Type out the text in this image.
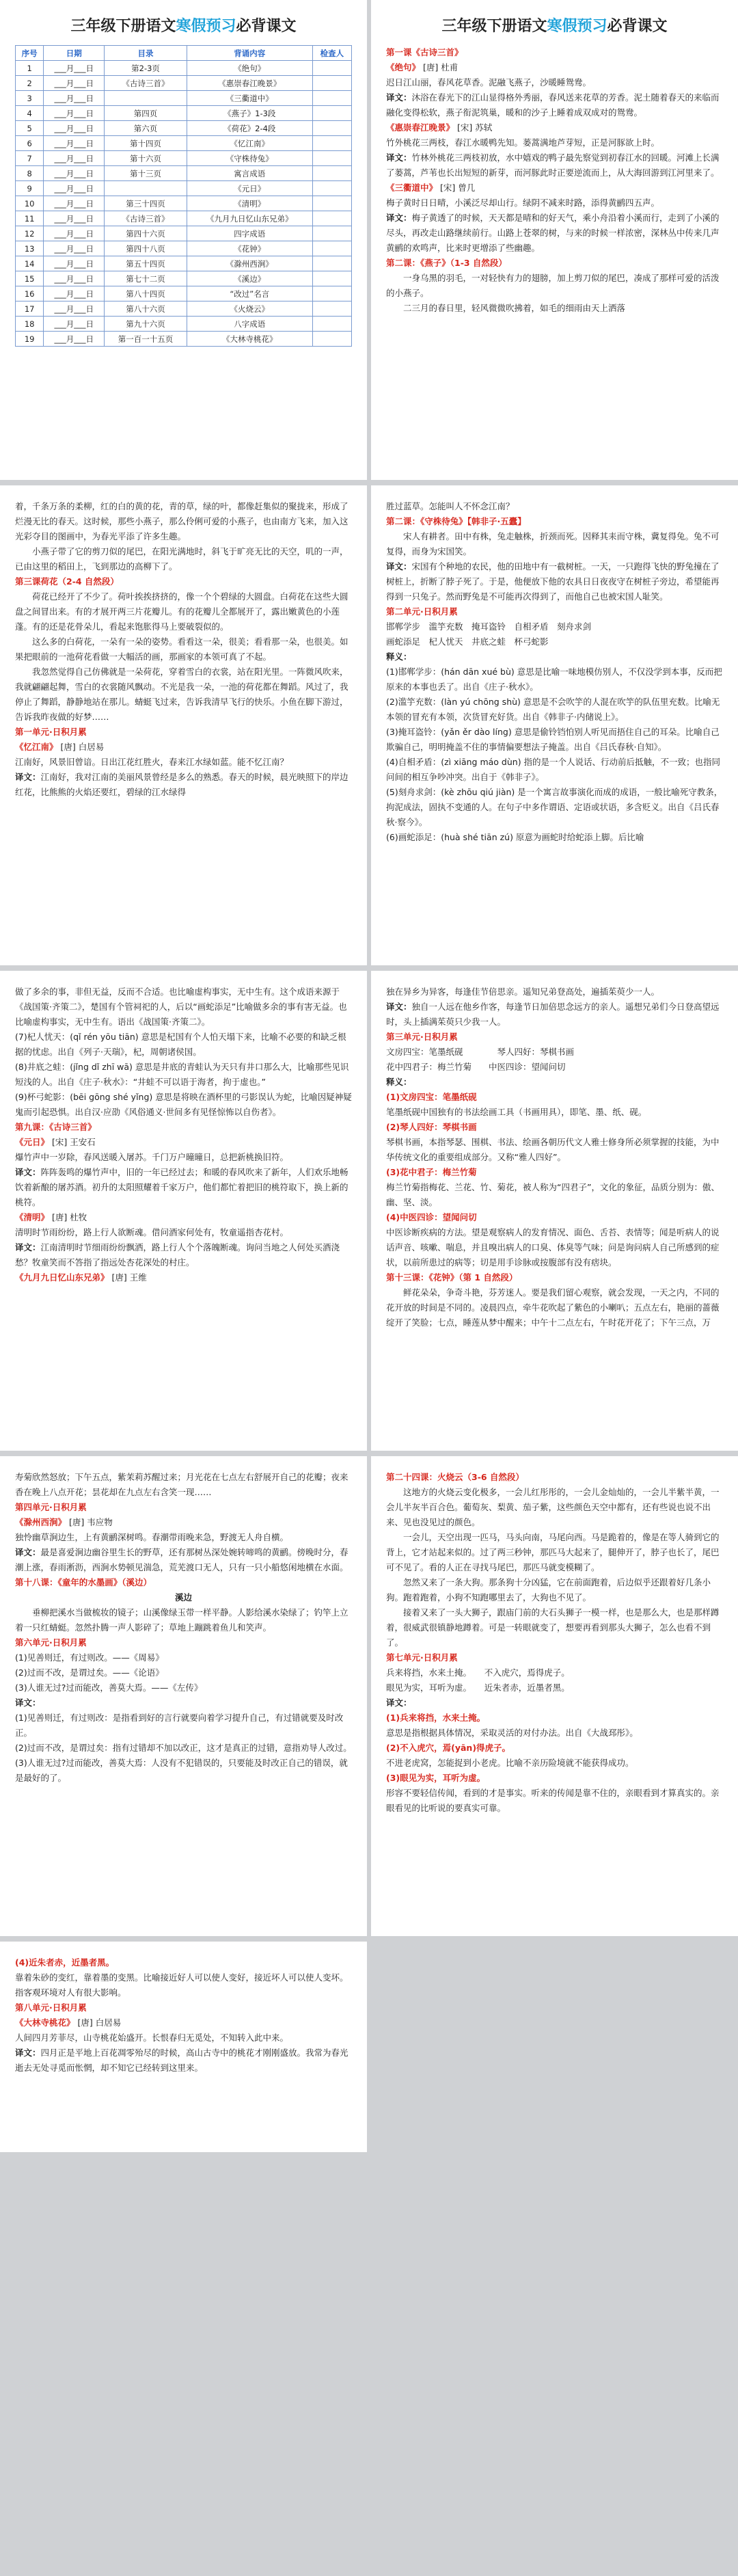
三年级下册语文寒假预习必背课文
序号	日期	目录	背诵内容	检查人
1	___月___日	第2-3页	《绝句》	
2	___月___日	《古诗三首》	《惠崇春江晚景》	
3	___月___日		《三衢道中》	
4	___月___日	第四页	《燕子》1-3段	
5	___月___日	第六页	《荷花》2-4段	
6	___月___日	第十四页	《忆江南》	
7	___月___日	第十六页	《守株待兔》	
8	___月___日	第十三页	寓言成语	
9	___月___日		《元日》	
10	___月___日	第三十四页	《清明》	
11	___月___日	《古诗三首》	《九月九日忆山东兄弟》	
12	___月___日	第四十六页	四字成语	
13	___月___日	第四十八页	《花钟》	
14	___月___日	第五十四页	《滁州西涧》	
15	___月___日	第七十二页	《溪边》	
16	___月___日	第八十四页	“改过”名言	
17	___月___日	第八十六页	《火烧云》	
18	___月___日	第九十六页	八字成语	
19	___月___日	第一百一十五页	《大林寺桃花》	
三年级下册语文寒假预习必背课文

第一课《古诗三首》

《绝句》 [唐] 杜甫

迟日江山丽，春风花草香。泥融飞燕子，沙暖睡鸳鸯。

译文：沐浴在春光下的江山显得格外秀丽，春风送来花草的芳香。泥土随着春天的来临而融化变得松软，燕子衔泥筑巢，暖和的沙子上睡着成双成对的鸳鸯。

《惠崇春江晚景》 [宋] 苏轼

竹外桃花三两枝，春江水暖鸭先知。蒌蒿满地芦芽短，正是河豚欲上时。

译文：竹林外桃花三两枝初放，水中嬉戏的鸭子最先察觉到初春江水的回暖。河滩上长满了蒌蒿，芦苇也长出短短的新芽，而河豚此时正要逆流而上，从大海回游到江河里来了。

《三衢道中》 [宋] 曾几

梅子黄时日日晴，小溪泛尽却山行。绿阴不减来时路，添得黄鹂四五声。

译文：梅子黄透了的时候，天天都是晴和的好天气，乘小舟沿着小溪而行，走到了小溪的尽头，再改走山路继续前行。山路上苍翠的树，与来的时候一样浓密，深林丛中传来几声黄鹂的欢鸣声，比来时更增添了些幽趣。

第二课：《燕子》（1-3 自然段）

一身乌黑的羽毛，一对轻快有力的翅膀，加上剪刀似的尾巴，凑成了那样可爱的活泼的小燕子。

二三月的春日里，轻风微微吹拂着，如毛的细雨由天上洒落

着，千条万条的柔柳，红的白的黄的花，青的草，绿的叶，都像赶集似的聚拢来，形成了烂漫无比的春天。这时候，那些小燕子，那么伶俐可爱的小燕子，也由南方飞来，加入这光彩夺目的图画中，为春光平添了许多生趣。

小燕子带了它的剪刀似的尾巴，在阳光满地时，斜飞于旷亮无比的天空，叽的一声，已由这里的稻田上，飞到那边的高柳下了。

第三课荷花（2-4 自然段）

荷花已经开了不少了。荷叶挨挨挤挤的，像一个个碧绿的大圆盘。白荷花在这些大圆盘之间冒出来。有的才展开两三片花瓣儿。有的花瓣儿全都展开了，露出嫩黄色的小莲蓬。有的还是花骨朵儿，看起来饱胀得马上要破裂似的。

这么多的白荷花，一朵有一朵的姿势。看看这一朵，很美；看看那一朵，也很美。如果把眼前的一池荷花看做一大幅活的画，那画家的本领可真了不起。

我忽然觉得自己仿佛就是一朵荷花，穿着雪白的衣裳，站在阳光里。一阵微风吹来，我就翩翩起舞，雪白的衣裳随风飘动。不光是我一朵，一池的荷花都在舞蹈。风过了，我停止了舞蹈，静静地站在那儿。蜻蜓飞过来，告诉我清早飞行的快乐。小鱼在脚下游过，告诉我昨夜做的好梦……

第一单元·日积月累

《忆江南》 [唐] 白居易

江南好，风景旧曾谙。日出江花红胜火，春来江水绿如蓝。能不忆江南？

译文：江南好，我对江南的美丽风景曾经是多么的熟悉。春天的时候，晨光映照下的岸边红花，比熊熊的火焰还要红，碧绿的江水绿得

胜过蓝草。怎能叫人不怀念江南？

第二课：《守株待兔》【韩非子·五蠹】

宋人有耕者。田中有株，兔走触株，折颈而死。因释其耒而守株，冀复得兔。兔不可复得，而身为宋国笑。

译文：宋国有个种地的农民，他的田地中有一截树桩。一天，一只跑得飞快的野兔撞在了树桩上，折断了脖子死了。于是，他便放下他的农具日日夜夜守在树桩子旁边，希望能再得到一只兔子。然而野兔是不可能再次得到了，而他自己也被宋国人耻笑。

第二单元·日积月累

邯郸学步　滥竽充数　掩耳盗铃　自相矛盾　刻舟求剑

画蛇添足　杞人忧天　井底之蛙　杯弓蛇影

释义：

(1)邯郸学步：(hán dān xué bù) 意思是比喻一味地模仿别人，不仅没学到本事，反而把原来的本事也丢了。出自《庄子·秋水》。

(2)滥竽充数：(làn yú chōng shù) 意思是不会吹竽的人混在吹竽的队伍里充数。比喻无本领的冒充有本领，次货冒充好货。出自《韩非子·内储说上》。

(3)掩耳盗铃：(yǎn ěr dào líng) 意思是偷铃铛怕别人听见而捂住自己的耳朵。比喻自己欺骗自己，明明掩盖不住的事情偏要想法子掩盖。出自《吕氏春秋·自知》。

(4)自相矛盾：(zì xiāng máo dùn) 指的是一个人说话、行动前后抵触，不一致；也指同问间的相互争吵冲突。出自于《韩非子》。

(5)刻舟求剑：(kè zhōu qiú jiàn) 是一个寓言故事演化而成的成语，一般比喻死守教条，拘泥成法，固执不变通的人。在句子中多作谓语、定语或状语，多含贬义。出自《吕氏春秋·察今》。

(6)画蛇添足：(huà shé tiān zú) 原意为画蛇时给蛇添上脚。后比喻

做了多余的事，非但无益，反而不合适。也比喻虚构事实，无中生有。这个成语来源于《战国策·齐策二》，楚国有个管祠祀的人，后以“画蛇添足”比喻做多余的事有害无益。也比喻虚构事实，无中生有。语出《战国策·齐策二》。

(7)杞人忧天：(qǐ rén yōu tiān) 意思是杞国有个人怕天塌下来，比喻不必要的和缺乏根据的忧虑。出自《列子·天瑞》，杞，周朝诸侯国。

(8)井底之蛙：(jǐng dǐ zhī wā) 意思是井底的青蛙认为天只有井口那么大，比喻那些见识短浅的人。出自《庄子·秋水》：“井蛙不可以语于海者，拘于虚也。”

(9)杯弓蛇影：(bēi gōng shé yǐng) 意思是将映在酒杯里的弓影误认为蛇，比喻因疑神疑鬼而引起恐惧。出自汉·应劭《风俗通义·世间多有见怪惊怖以自伤者》。

第九课：《古诗三首》

《元日》 [宋] 王安石

爆竹声中一岁除，春风送暖入屠苏。千门万户曈曈日，总把新桃换旧符。

译文：阵阵轰鸣的爆竹声中，旧的一年已经过去；和暖的春风吹来了新年，人们欢乐地畅饮着新酿的屠苏酒。初升的太阳照耀着千家万户，他们都忙着把旧的桃符取下，换上新的桃符。

《清明》 [唐] 杜牧

清明时节雨纷纷，路上行人欲断魂。借问酒家何处有，牧童遥指杏花村。

译文：江南清明时节细雨纷纷飘洒，路上行人个个落魄断魂。询问当地之人何处买酒浇愁？牧童笑而不答指了指远处杏花深处的村庄。

《九月九日忆山东兄弟》 [唐] 王维

独在异乡为异客，每逢佳节倍思亲。遥知兄弟登高处，遍插茱萸少一人。

译文：独自一人远在他乡作客，每逢节日加倍思念远方的亲人。遥想兄弟们今日登高望远时，头上插满茱萸只少我一人。

第三单元·日积月累

文房四宝：笔墨纸砚　　　　琴人四好：琴棋书画

花中四君子：梅兰竹菊　　中医四诊：望闻问切

释义：

(1)文房四宝：笔墨纸砚

笔墨纸砚中国独有的书法绘画工具（书画用具），即笔、墨、纸、砚。

(2)琴人四好：琴棋书画

琴棋书画，本指琴瑟、围棋、书法、绘画各朝历代文人雅士修身所必须掌握的技能，为中华传统文化的重要组成部分。又称“雅人四好”。

(3)花中君子：梅兰竹菊

梅兰竹菊指梅花、兰花、竹、菊花，被人称为“四君子”，文化的象征，品质分别为：傲、幽、坚、淡。

(4)中医四诊：望闻问切

中医诊断疾病的方法。望是观察病人的发育情况、面色、舌苔、表情等；闻是听病人的说话声音、咳嗽、喘息，并且嗅出病人的口臭、体臭等气味；问是询问病人自己所感到的症状，以前所患过的病等；切是用手诊脉或按腹部有没有痞块。

第十三课：《花钟》（第 1 自然段）

鲜花朵朵，争奇斗艳，芬芳迷人。要是我们留心观察，就会发现，一天之内，不同的花开放的时间是不同的。凌晨四点，牵牛花吹起了紫色的小喇叭；五点左右，艳丽的蔷薇绽开了笑脸；七点，睡莲从梦中醒来；中午十二点左右，午时花开花了；下午三点，万

寿菊欣然怒放；下午五点，紫茉莉苏醒过来；月光花在七点左右舒展开自己的花瓣；夜来香在晚上八点开花；昙花却在九点左右含笑一现……

第四单元·日积月累

《滁州西涧》 [唐] 韦应物

独怜幽草涧边生，上有黄鹂深树鸣。春潮带雨晚来急，野渡无人舟自横。

译文：最是喜爱涧边幽谷里生长的野草，还有那树丛深处婉转啼鸣的黄鹂。傍晚时分，春潮上涨，春雨淅沥，西涧水势顿见湍急，荒芜渡口无人，只有一只小船悠闲地横在水面。

第十八课：《童年的水墨画》（溪边）

溪边

垂柳把溪水当做梳妆的镜子；山溪像绿玉带一样平静。人影给溪水染绿了；钓竿上立着一只红蜻蜓。忽然扑腾一声人影碎了；草地上蹦跳着鱼儿和笑声。

第六单元·日积月累

(1)见善则迁，有过则改。——《周易》

(2)过而不改，是谓过矣。——《论语》

(3)人谁无过?过而能改，善莫大焉。——《左传》

译文：

(1)见善则迁，有过则改：是指看到好的言行就要向着学习提升自己，有过错就要及时改正。

(2)过而不改，是谓过矣：指有过错却不加以改正，这才是真正的过错，意指劝导人改过。

(3)人谁无过?过而能改，善莫大焉：人没有不犯错误的，只要能及时改正自己的错误，就是最好的了。

第二十四课：火烧云（3-6 自然段）

这地方的火烧云变化极多，一会儿红彤彤的，一会儿金灿灿的，一会儿半紫半黄，一会儿半灰半百合色。葡萄灰、梨黄、茄子紫，这些颜色天空中都有，还有些说也说不出来、见也没见过的颜色。

一会儿，天空出现一匹马，马头向南，马尾向西。马是跪着的，像是在等人骑到它的背上，它才站起来似的。过了两三秒钟，那匹马大起来了，腿伸开了，脖子也长了，尾巴可不见了。看的人正在寻找马尾巴，那匹马就变模糊了。

忽然又来了一条大狗。那条狗十分凶猛，它在前面跑着，后边似乎还跟着好几条小狗。跑着跑着，小狗不知跑哪里去了，大狗也不见了。

接着又来了一头大狮子，跟庙门前的大石头狮子一模一样，也是那么大，也是那样蹲着，很威武很镇静地蹲着。可是一转眼就变了，想要再看到那头大狮子，怎么也看不到了。

第七单元·日积月累

兵来将挡，水来土掩。　　不入虎穴，焉得虎子。

眼见为实，耳听为虚。　　近朱者赤，近墨者黑。

译文：

(1)兵来将挡，水来土掩。

意思是指根据具体情况，采取灵活的对付办法。出自《大战邳彤》。

(2)不入虎穴，焉(yān)得虎子。

不进老虎窝，怎能捉到小老虎。比喻不亲历险境就不能获得成功。

(3)眼见为实，耳听为虚。

形容不要轻信传闻，看到的才是事实。听来的传闻是靠不住的，亲眼看到才算真实的。亲眼看见的比听说的要真实可靠。

(4)近朱者赤，近墨者黑。

靠着朱砂的变红，靠着墨的变黑。比喻接近好人可以使人变好，接近坏人可以使人变坏。指客观环境对人有很大影响。

第八单元·日积月累

《大林寺桃花》 [唐] 白居易

人间四月芳菲尽，山寺桃花始盛开。长恨春归无觅处，不知转入此中来。

译文：四月正是平地上百花凋零殆尽的时候，高山古寺中的桃花才刚刚盛放。我常为春光逝去无处寻觅而怅惘，却不知它已经转到这里来。
